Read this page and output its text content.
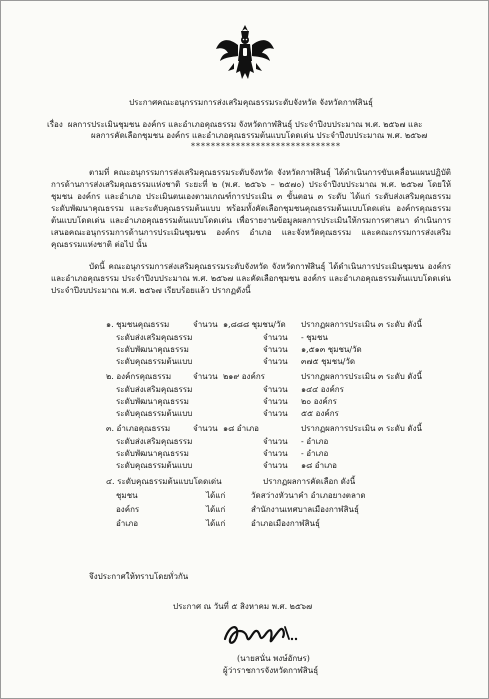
ประกาศคณะอนุกรรมการส่งเสริมคุณธรรมระดับจังหวัด จังหวัดกาฬสินธุ์
เรื่อง ผลการประเมินชุมชน องค์กร และอำเภอคุณธรรม จังหวัดกาฬสินธุ์ ประจำปีงบประมาณ พ.ศ. ๒๕๖๗ และ
ผลการคัดเลือกชุมชน องค์กร และอำเภอคุณธรรมต้นแบบโดดเด่น ประจำปีงบประมาณ พ.ศ. ๒๕๖๗
******************************
ตามที่ คณะอนุกรรมการส่งเสริมคุณธรรมระดับจังหวัด จังหวัดกาฬสินธุ์ ได้ดำเนินการขับเคลื่อนแผนปฏิบัติการด้านการส่งเสริมคุณธรรมแห่งชาติ ระยะที่ ๒ (พ.ศ. ๒๕๖๖ – ๒๕๗๐) ประจำปีงบประมาณ พ.ศ. ๒๕๖๗ โดยให้ชุมชน องค์กร และอำเภอ ประเมินตนเองตามเกณฑ์การประเมิน ๓ ขั้นตอน ๓ ระดับ ได้แก่ ระดับส่งเสริมคุณธรรม ระดับพัฒนาคุณธรรม และระดับคุณธรรมต้นแบบ พร้อมทั้งคัดเลือกชุมชนคุณธรรมต้นแบบโดดเด่น องค์กรคุณธรรมต้นแบบโดดเด่น และอำเภอคุณธรรมต้นแบบโดดเด่น เพื่อรายงานข้อมูลผลการประเมินให้กรมการศาสนา ดำเนินการเสนอคณะอนุกรรมการด้านการประเมินชุมชน องค์กร อำเภอ และจังหวัดคุณธรรม และคณะกรรมการส่งเสริมคุณธรรมแห่งชาติ ต่อไป นั้น
บัดนี้ คณะอนุกรรมการส่งเสริมคุณธรรมระดับจังหวัด จังหวัดกาฬสินธุ์ ได้ดำเนินการประเมินชุมชน องค์กร และอำเภอคุณธรรม ประจำปีงบประมาณ พ.ศ. ๒๕๖๗ และคัดเลือกชุมชน องค์กร และอำเภอคุณธรรมต้นแบบโดดเด่น ประจำปีงบประมาณ พ.ศ. ๒๕๖๗ เรียบร้อยแล้ว ปรากฏดังนี้
๑. ชุมชนคุณธรรม	จำนวน ๑,๘๘๘ ชุมชน/วัด ปรากฏผลการประเมิน ๓ ระดับ ดังนี้
ระดับส่งเสริมคุณธรรม	จำนวน - ชุมชน
ระดับพัฒนาคุณธรรม	จำนวน ๑,๕๑๓ ชุมชน/วัด
ระดับคุณธรรมต้นแบบ	จำนวน ๓๗๕ ชุมชน/วัด
๒. องค์กรคุณธรรม	จำนวน ๒๑๙ องค์กร	ปรากฏผลการประเมิน ๓ ระดับ ดังนี้
ระดับส่งเสริมคุณธรรม	จำนวน ๑๔๔ องค์กร
ระดับพัฒนาคุณธรรม	จำนวน ๒๐ องค์กร
ระดับคุณธรรมต้นแบบ	จำนวน ๕๕ องค์กร
๓. อำเภอคุณธรรม	จำนวน ๑๘ อำเภอ	ปรากฏผลการประเมิน ๓ ระดับ ดังนี้
ระดับส่งเสริมคุณธรรม	จำนวน - อำเภอ
ระดับพัฒนาคุณธรรม	จำนวน - อำเภอ
ระดับคุณธรรมต้นแบบ	จำนวน ๑๘ อำเภอ
๔. ระดับคุณธรรมต้นแบบโดดเด่น	ปรากฏผลการคัดเลือก ดังนี้
ชุมชน	ได้แก่	วัดสว่างหัวนาคำ อำเภอยางตลาด
องค์กร	ได้แก่	สำนักงานเทศบาลเมืองกาฬสินธุ์
อำเภอ	ได้แก่	อำเภอเมืองกาฬสินธุ์
จึงประกาศให้ทราบโดยทั่วกัน
ประกาศ ณ วันที่ ๕ สิงหาคม พ.ศ. ๒๕๖๗
(นายสนั่น พงษ์อักษร)
ผู้ว่าราชการจังหวัดกาฬสินธุ์
